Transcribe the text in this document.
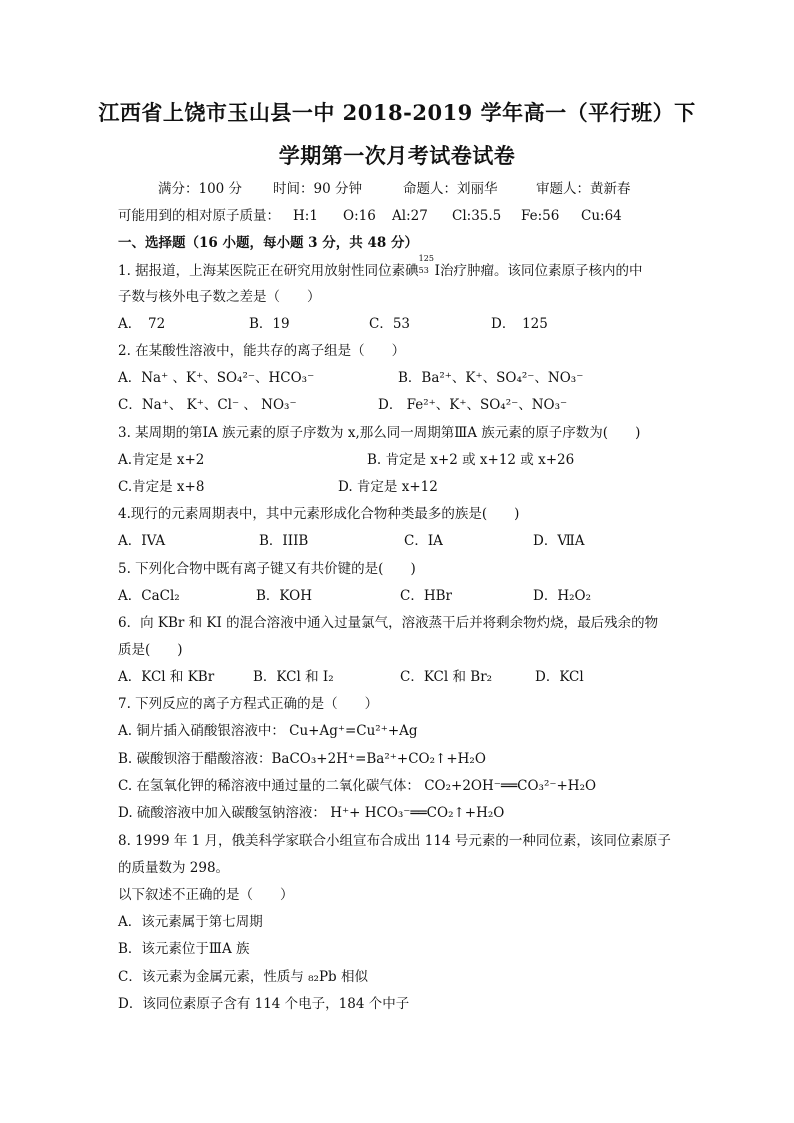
江西省上饶市玉山县一中 2018-2019 学年高一（平行班）下
学期第一次月考试卷试卷
满分：100 分 时间：90 分钟	命题人：刘丽华	审题人：黄新春
可能用到的相对原子质量： H:1 O:16 Al:27 Cl:35.5 Fe:56 Cu:64
一、选择题（16 小题，每小题 3 分，共 48 分）
1. 据报道，上海某医院正在研究用放射性同位素碘
125
53 I治疗肿瘤。该同位素原子核内的中
子数与核外电子数之差是（　　）
A．　72	B．19	C．53	D．　125
2. 在某酸性溶液中，能共存的离子组是（　　）
A．Na⁺ 、K⁺、SO₄²⁻、HCO₃⁻	B．Ba²⁺、K⁺、SO₄²⁻、NO₃⁻
C．Na⁺、 K⁺、Cl⁻ 、 NO₃⁻	D． Fe²⁺、K⁺、SO₄²⁻、NO₃⁻
3. 某周期的第ⅠA 族元素的原子序数为 x,那么同一周期第ⅢA 族元素的原子序数为(　　)
A.肯定是 x+2	B. 肯定是 x+2 或 x+12 或 x+26
C.肯定是 x+8	D. 肯定是 x+12
4.现行的元素周期表中，其中元素形成化合物种类最多的族是(　　)
A．IVA	B．IIIB	C．ⅠA	D．ⅦA
5. 下列化合物中既有离子键又有共价键的是(　　)
A．CaCl₂	B．KOH	C．HBr	D．H₂O₂
6．向 KBr 和 KI 的混合溶液中通入过量氯气，溶液蒸干后并将剩余物灼烧，最后残余的物
质是(　　)
A．KCl 和 KBr	B．KCl 和 I₂	C．KCl 和 Br₂	D．KCl
7. 下列反应的离子方程式正确的是（　　）
A. 铜片插入硝酸银溶液中： Cu+Ag⁺=Cu²⁺+Ag
B. 碳酸钡溶于醋酸溶液：BaCO₃+2H⁺=Ba²⁺+CO₂↑+H₂O
C. 在氢氧化钾的稀溶液中通过量的二氧化碳气体： CO₂+2OH⁻══CO₃²⁻+H₂O
D. 硫酸溶液中加入碳酸氢钠溶液： H⁺+ HCO₃⁻══CO₂↑+H₂O
8. 1999 年 1 月，俄美科学家联合小组宣布合成出 114 号元素的一种同位素，该同位素原子
的质量数为 298。
以下叙述不正确的是（　　）
A．该元素属于第七周期
B．该元素位于ⅢA 族
C．该元素为金属元素，性质与 ₈₂Pb 相似
D．该同位素原子含有 114 个电子，184 个中子
